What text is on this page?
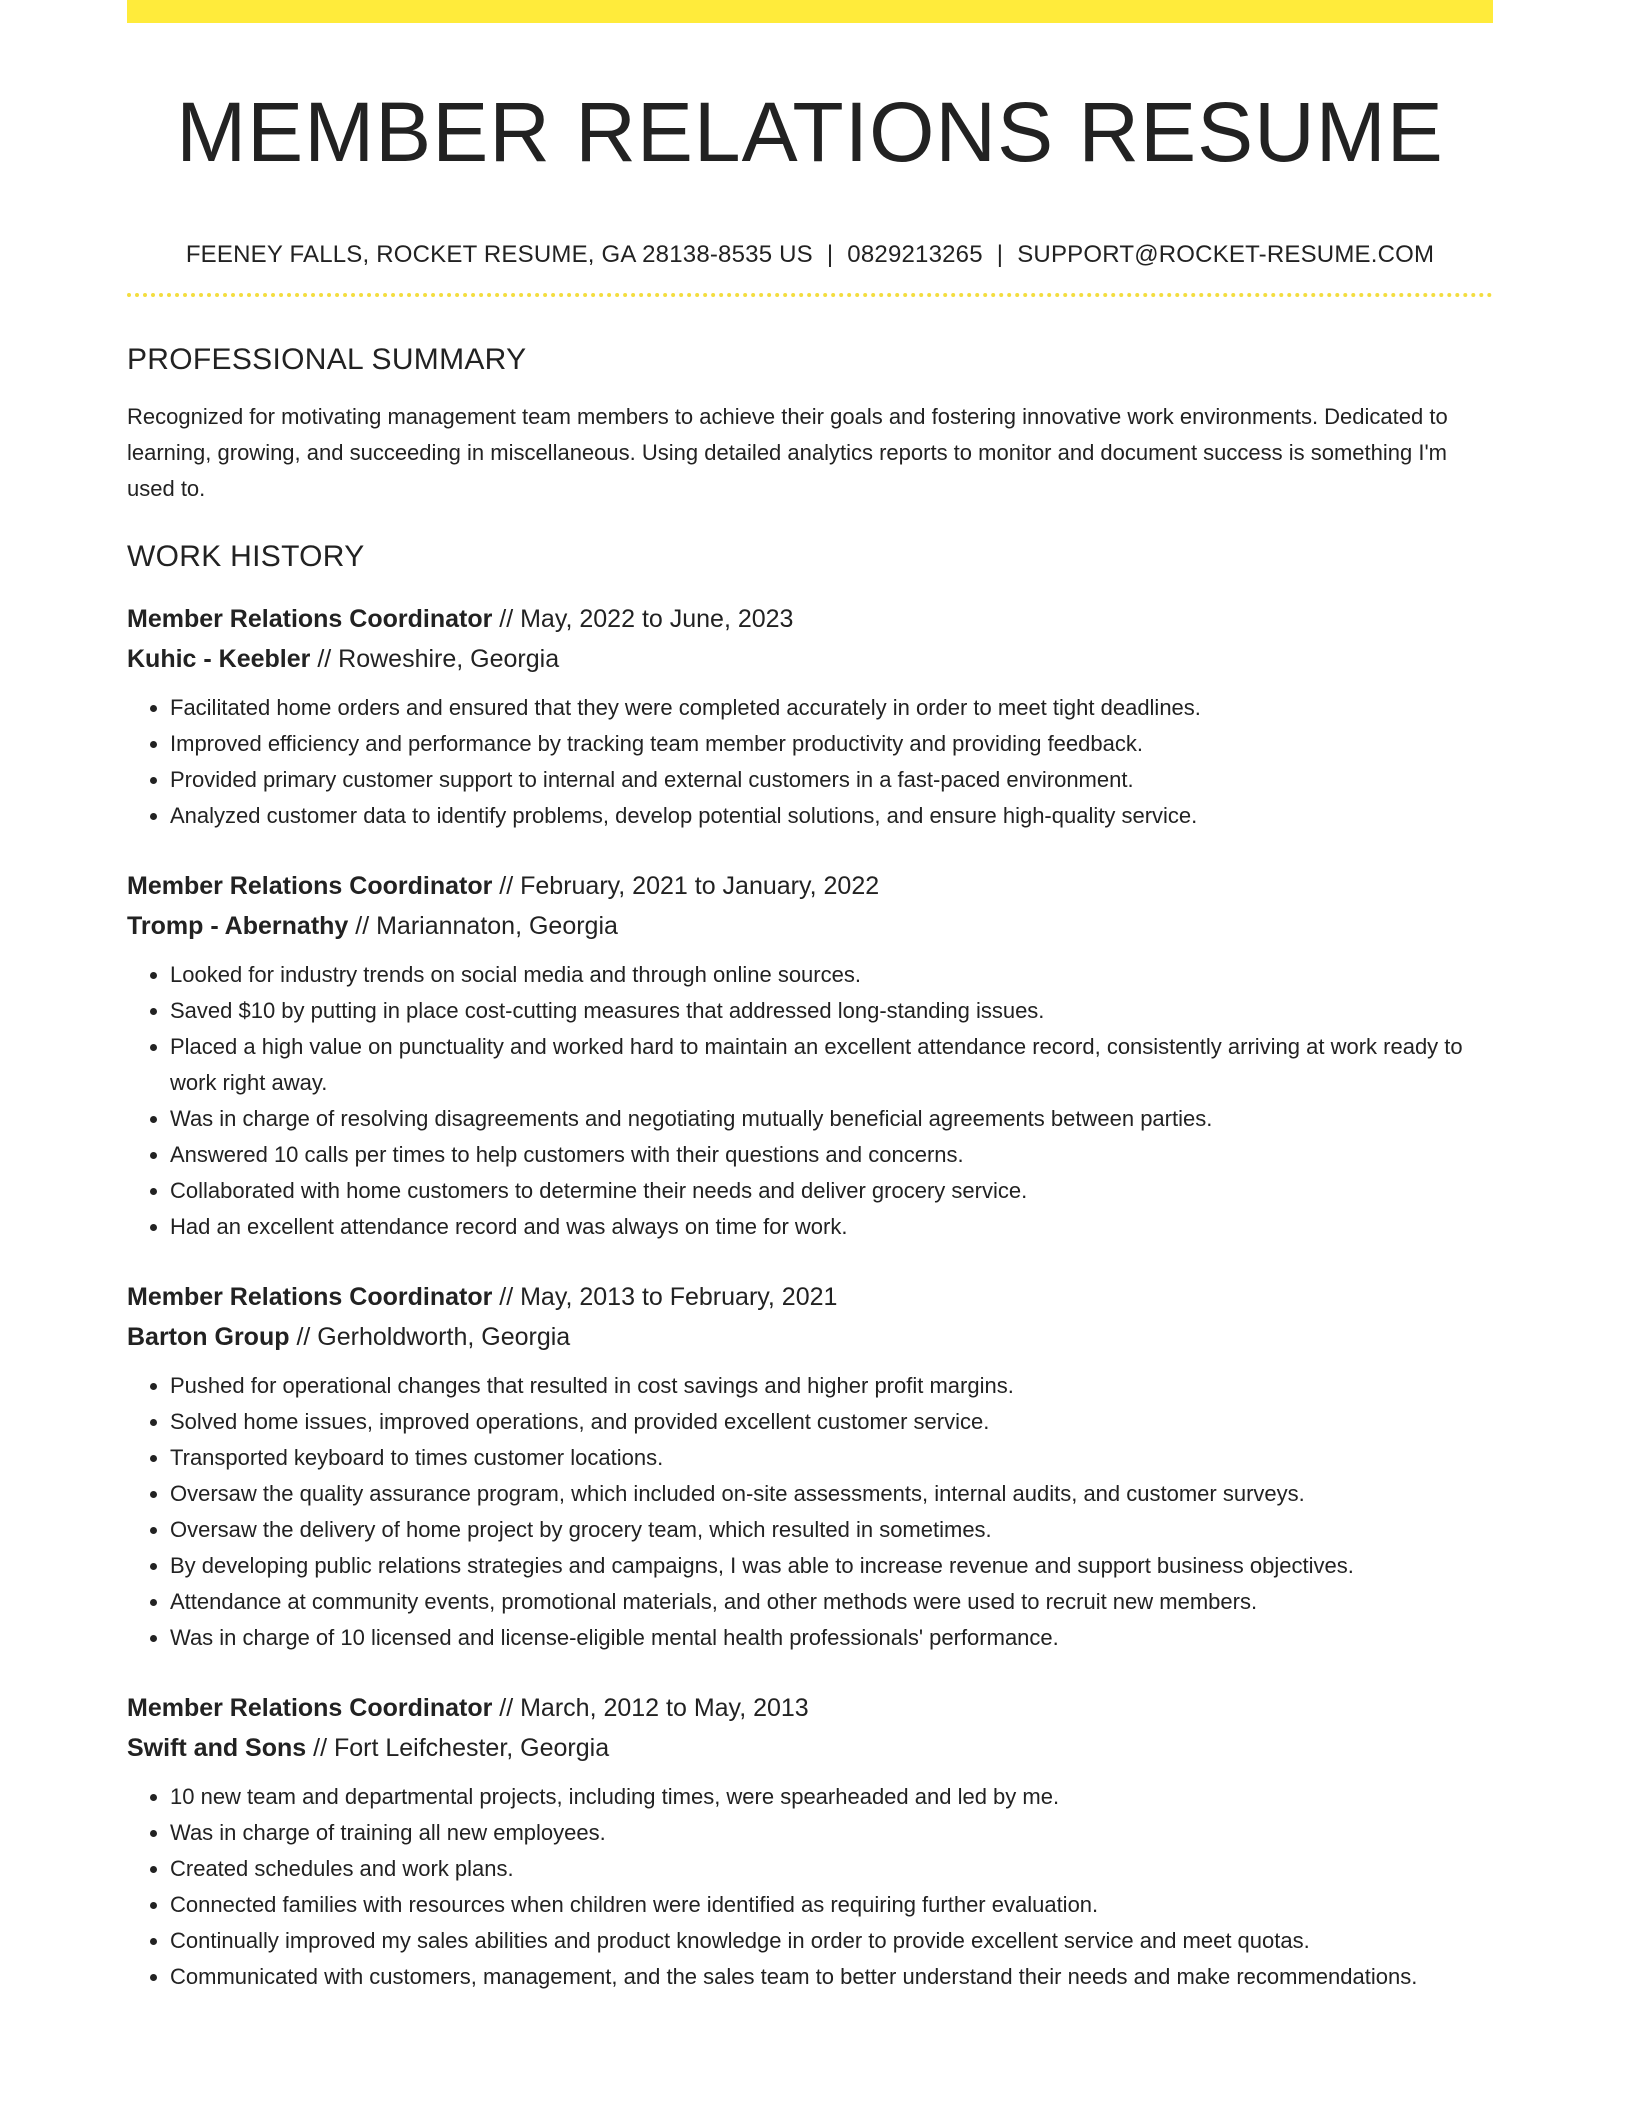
MEMBER RELATIONS RESUME
FEENEY FALLS, ROCKET RESUME, GA 28138-8535 US | 0829213265 | SUPPORT@ROCKET-RESUME.COM
PROFESSIONAL SUMMARY
Recognized for motivating management team members to achieve their goals and fostering innovative work environments. Dedicated to learning, growing, and succeeding in miscellaneous. Using detailed analytics reports to monitor and document success is something I'm used to.
WORK HISTORY
Member Relations Coordinator // May, 2022 to June, 2023
Kuhic - Keebler // Roweshire, Georgia
• Facilitated home orders and ensured that they were completed accurately in order to meet tight deadlines.
• Improved efficiency and performance by tracking team member productivity and providing feedback.
• Provided primary customer support to internal and external customers in a fast-paced environment.
• Analyzed customer data to identify problems, develop potential solutions, and ensure high-quality service.
Member Relations Coordinator // February, 2021 to January, 2022
Tromp - Abernathy // Mariannaton, Georgia
• Looked for industry trends on social media and through online sources.
• Saved $10 by putting in place cost-cutting measures that addressed long-standing issues.
• Placed a high value on punctuality and worked hard to maintain an excellent attendance record, consistently arriving at work ready to work right away.
• Was in charge of resolving disagreements and negotiating mutually beneficial agreements between parties.
• Answered 10 calls per times to help customers with their questions and concerns.
• Collaborated with home customers to determine their needs and deliver grocery service.
• Had an excellent attendance record and was always on time for work.
Member Relations Coordinator // May, 2013 to February, 2021
Barton Group // Gerholdworth, Georgia
• Pushed for operational changes that resulted in cost savings and higher profit margins.
• Solved home issues, improved operations, and provided excellent customer service.
• Transported keyboard to times customer locations.
• Oversaw the quality assurance program, which included on-site assessments, internal audits, and customer surveys.
• Oversaw the delivery of home project by grocery team, which resulted in sometimes.
• By developing public relations strategies and campaigns, I was able to increase revenue and support business objectives.
• Attendance at community events, promotional materials, and other methods were used to recruit new members.
• Was in charge of 10 licensed and license-eligible mental health professionals' performance.
Member Relations Coordinator // March, 2012 to May, 2013
Swift and Sons // Fort Leifchester, Georgia
• 10 new team and departmental projects, including times, were spearheaded and led by me.
• Was in charge of training all new employees.
• Created schedules and work plans.
• Connected families with resources when children were identified as requiring further evaluation.
• Continually improved my sales abilities and product knowledge in order to provide excellent service and meet quotas.
• Communicated with customers, management, and the sales team to better understand their needs and make recommendations.
